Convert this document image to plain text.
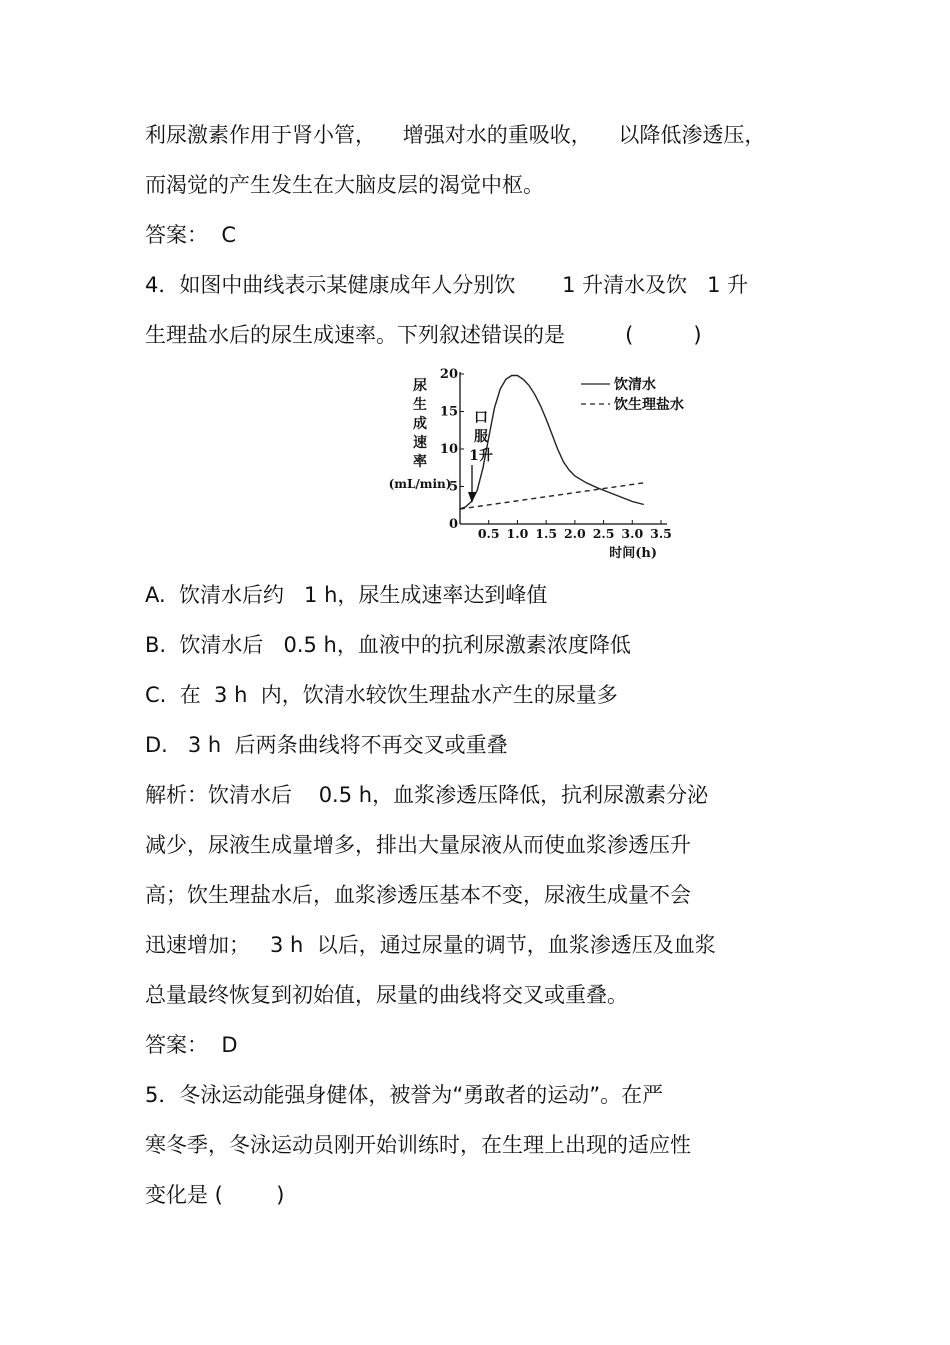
利尿激素作用于肾小管，    增强对水的重吸收，    以降低渗透压，
而渴觉的产生发生在大脑皮层的渴觉中枢。
答案：  C
4．如图中曲线表示某健康成年人分别饮       1 升清水及饮   1 升
生理盐水后的尿生成速率。下列叙述错误的是         (         )
A.  饮清水后约   1 h，尿生成速率达到峰值
B.  饮清水后   0.5 h，血液中的抗利尿激素浓度降低
C.  在  3 h  内，饮清水较饮生理盐水产生的尿量多
D.   3 h  后两条曲线将不再交叉或重叠
解析：饮清水后    0.5 h，血浆渗透压降低，抗利尿激素分泌
减少，尿液生成量增多，排出大量尿液从而使血浆渗透压升
高；饮生理盐水后，血浆渗透压基本不变，尿液生成量不会
迅速增加；   3 h  以后，通过尿量的调节，血浆渗透压及血浆
总量最终恢复到初始值，尿量的曲线将交叉或重叠。
答案：  D
5．冬泳运动能强身健体，被誉为“勇敢者的运动”。在严
寒冬季，冬泳运动员刚开始训练时，在生理上出现的适应性
变化是 (        )
尿
生
成
速
率
(mL/min)
0
5
10
15
20
0.5 1.0 1.5 2.0 2.5 3.0 3.5
时间(h)
饮清水
饮生理盐水
口
服
1升
